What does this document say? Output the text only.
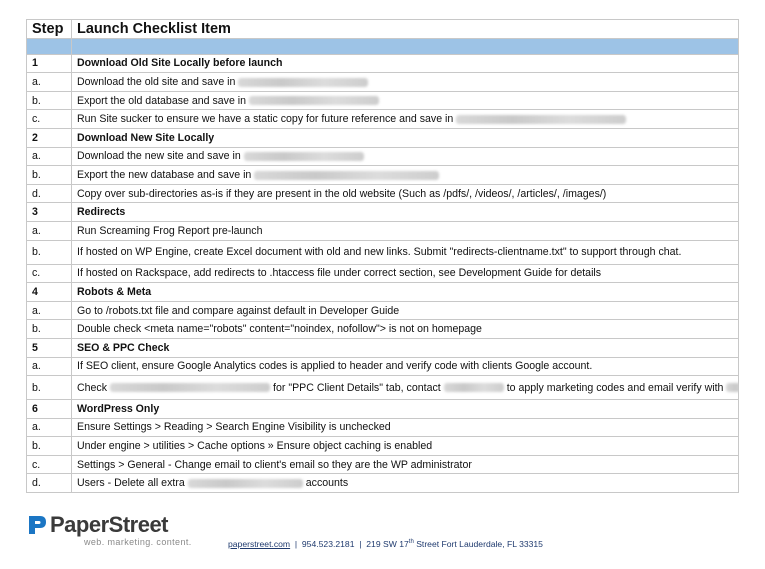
Step	Launch Checklist Item

1	Download Old Site Locally before launch
a.	Download the old site and save in
b.	Export the old database and save in
c.	Run Site sucker to ensure we have a static copy for future reference and save in
2	Download New Site Locally
a.	Download the new site and save in
b.	Export the new database and save in
d.	Copy over sub-directories as-is if they are present in the old website (Such as /pdfs/, /videos/, /articles/, /images/)
3	Redirects
a.	Run Screaming Frog Report pre-launch
b.	If hosted on WP Engine, create Excel document with old and new links. Submit "redirects-clientname.txt" to support through chat.
c.	If hosted on Rackspace, add redirects to .htaccess file under correct section, see Development Guide for details
4	Robots & Meta
a.	Go to /robots.txt file and compare against default in Developer Guide
b.	Double check <meta name="robots" content="noindex, nofollow"> is not on homepage
5	SEO & PPC Check
a.	If SEO client, ensure Google Analytics codes is applied to header and verify code with clients Google account.
b.	Check for "PPC Client Details" tab, contact to apply marketing codes and email verify with
6	WordPress Only
a.	Ensure Settings > Reading > Search Engine Visibility is unchecked
b.	Under engine > utilities > Cache options » Ensure object caching is enabled
c.	Settings > General - Change email to client's email so they are the WP administrator
d.	Users - Delete all extra accounts
PaperStreet
web. marketing. content.	paperstreet.com | 954.523.2181 | 219 SW 17th Street Fort Lauderdale, FL 33315
